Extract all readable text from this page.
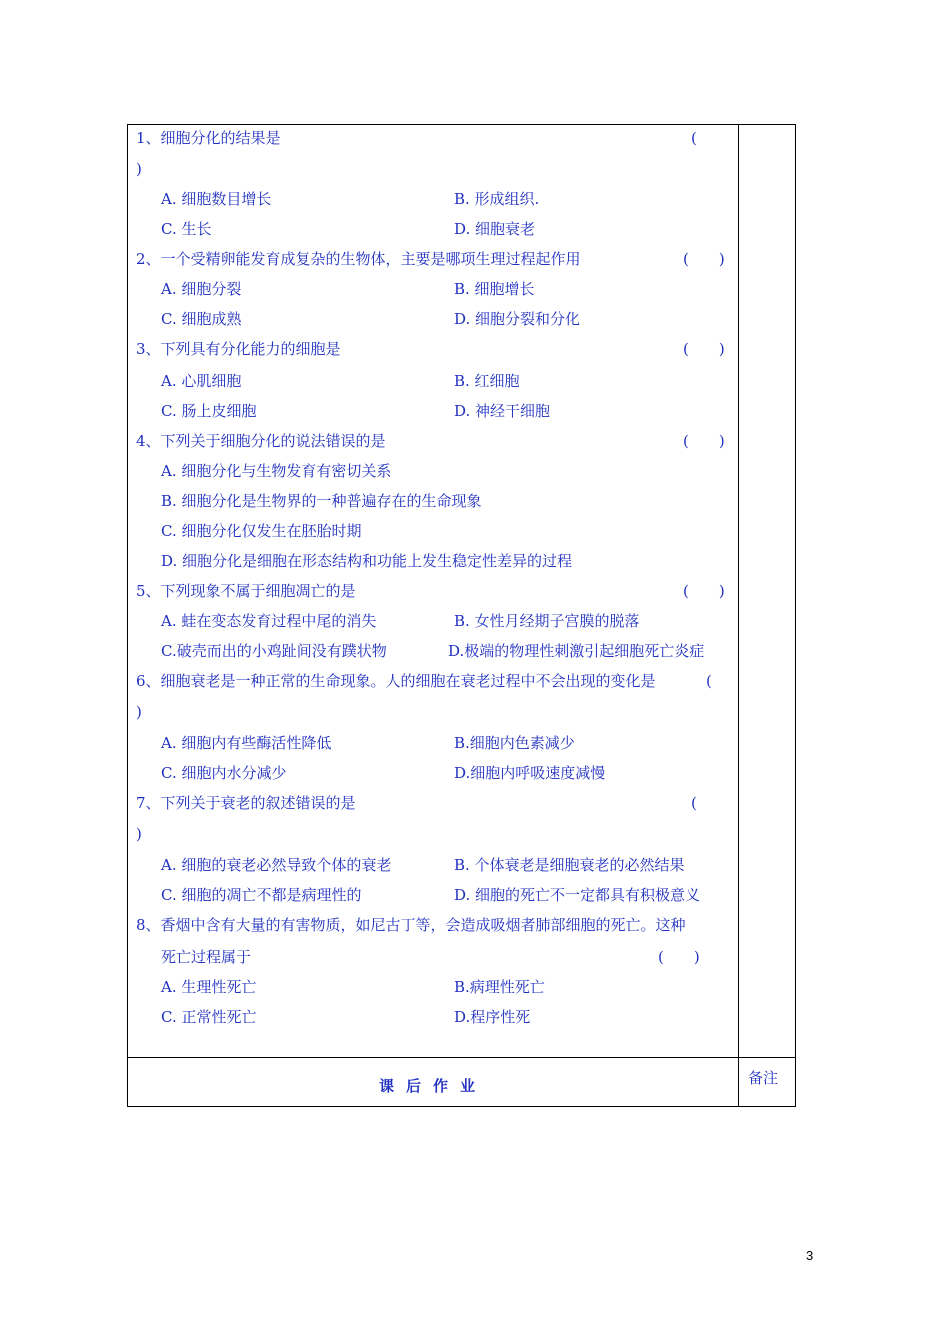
1、细胞分化的结果是	(
)
A. 细胞数目增长	B. 形成组织.
C. 生长	D. 细胞衰老
2、一个受精卵能发育成复杂的生物体，主要是哪项生理过程起作用	(　　)
A. 细胞分裂	B. 细胞增长
C. 细胞成熟	D. 细胞分裂和分化
3、下列具有分化能力的细胞是	(　　)
A. 心肌细胞	B. 红细胞
C. 肠上皮细胞	D. 神经干细胞
4、下列关于细胞分化的说法错误的是	(　　)
A. 细胞分化与生物发育有密切关系
B. 细胞分化是生物界的一种普遍存在的生命现象
C. 细胞分化仅发生在胚胎时期
D. 细胞分化是细胞在形态结构和功能上发生稳定性差异的过程
5、下列现象不属于细胞凋亡的是	(　　)
A. 蛙在变态发育过程中尾的消失	B. 女性月经期子宫膜的脱落
C.破壳而出的小鸡趾间没有蹼状物	D.极端的物理性刺激引起细胞死亡炎症
6、细胞衰老是一种正常的生命现象。人的细胞在衰老过程中不会出现的变化是	(
)
A. 细胞内有些酶活性降低	B.细胞内色素减少
C. 细胞内水分减少	D.细胞内呼吸速度减慢
7、下列关于衰老的叙述错误的是	(
)
A. 细胞的衰老必然导致个体的衰老	B. 个体衰老是细胞衰老的必然结果
C. 细胞的凋亡不都是病理性的	D. 细胞的死亡不一定都具有积极意义
8、香烟中含有大量的有害物质，如尼古丁等，会造成吸烟者肺部细胞的死亡。这种
死亡过程属于	(　　)
A. 生理性死亡	B.病理性死亡
C. 正常性死亡	D.程序性死
课后作业	备注
3
